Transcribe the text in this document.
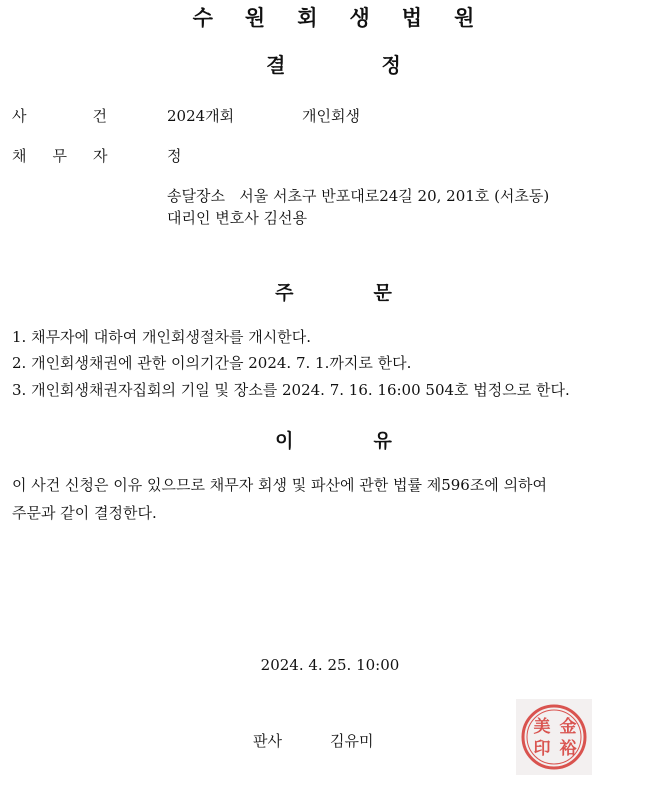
수 원 회 생 법 원
결	정
사	건	2024개회	개인회생
채 무 자	정
송달장소   서울 서초구 반포대로24길 20, 201호 (서초동)
대리인 변호사 김선용
주	문
1. 채무자에 대하여 개인회생절차를 개시한다.
2. 개인회생채권에 관한 이의기간을 2024. 7. 1.까지로 한다.
3. 개인회생채권자집회의 기일 및 장소를 2024. 7. 16. 16:00 504호 법정으로 한다.
이	유
이 사건 신청은 이유 있으므로 채무자 회생 및 파산에 관한 법률 제596조에 의하여
주문과 같이 결정한다.
2024. 4. 25. 10:00
판사	김유미
金
裕
美
印
